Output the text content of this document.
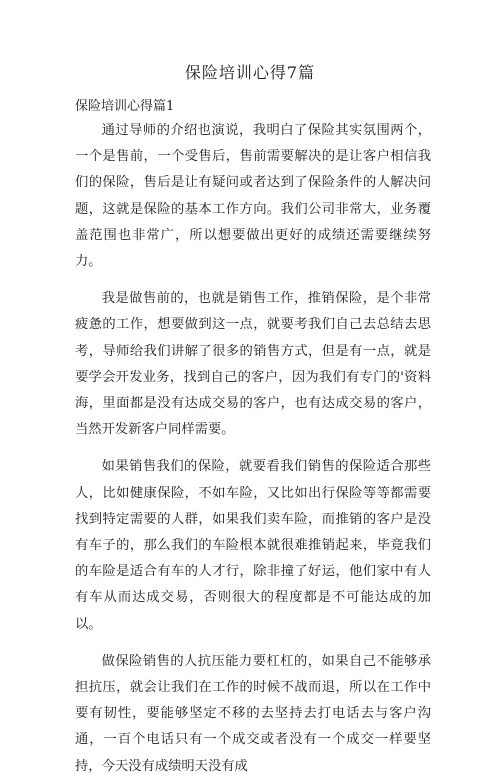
保险培训心得7篇
保险培训心得篇1

通过导师的介绍也演说，我明白了保险其实氛围两个，一个是售前，一个受售后，售前需要解决的是让客户相信我们的保险，售后是让有疑问或者达到了保险条件的人解决问题，这就是保险的基本工作方向。我们公司非常大，业务覆盖范围也非常广，所以想要做出更好的成绩还需要继续努力。

我是做售前的，也就是销售工作，推销保险，是个非常疲惫的工作，想要做到这一点，就要考我们自己去总结去思考，导师给我们讲解了很多的销售方式，但是有一点，就是要学会开发业务，找到自己的客户，因为我们有专门的'资料海，里面都是没有达成交易的客户，也有达成交易的客户，当然开发新客户同样需要。

如果销售我们的保险，就要看我们销售的保险适合那些人，比如健康保险，不如车险，又比如出行保险等等都需要找到特定需要的人群，如果我们卖车险，而推销的客户是没有车子的，那么我们的车险根本就很难推销起来，毕竟我们的车险是适合有车的人才行，除非撞了好运，他们家中有人有车从而达成交易，否则很大的程度都是不可能达成的加以。

做保险销售的人抗压能力要杠杠的，如果自己不能够承担抗压，就会让我们在工作的时候不战而退，所以在工作中要有韧性，要能够坚定不移的去坚持去打电话去与客户沟通，一百个电话只有一个成交或者没有一个成交一样要坚持，今天没有成绩明天没有成
